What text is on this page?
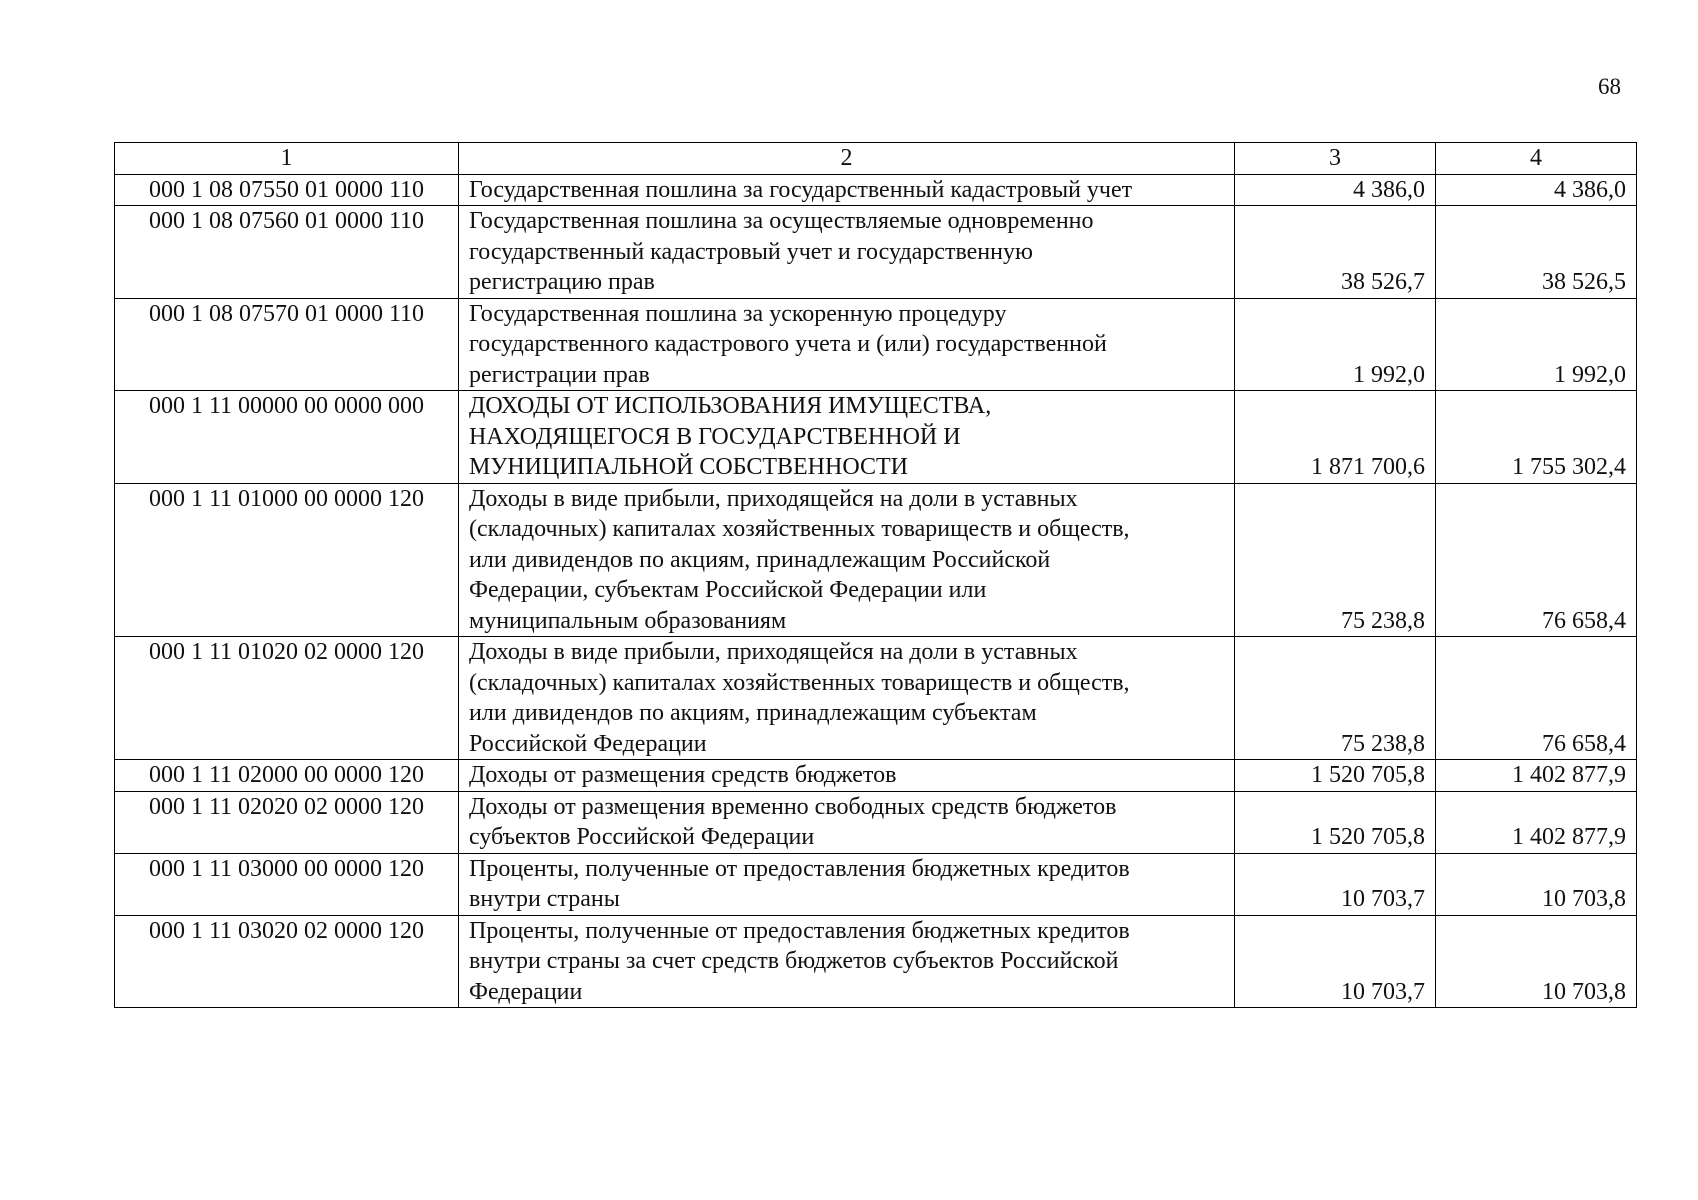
68
1	2	3	4
000 1 08 07550 01 0000 110	Государственная пошлина за государственный кадастровый учет	4 386,0	4 386,0
000 1 08 07560 01 0000 110	Государственная пошлина за осуществляемые одновременно
государственный кадастровый учет и государственную
регистрацию прав	38 526,7	38 526,5
000 1 08 07570 01 0000 110	Государственная пошлина за ускоренную процедуру
государственного кадастрового учета и (или) государственной
регистрации прав	1 992,0	1 992,0
000 1 11 00000 00 0000 000	ДОХОДЫ ОТ ИСПОЛЬЗОВАНИЯ ИМУЩЕСТВА,
НАХОДЯЩЕГОСЯ В ГОСУДАРСТВЕННОЙ И
МУНИЦИПАЛЬНОЙ СОБСТВЕННОСТИ	1 871 700,6	1 755 302,4
000 1 11 01000 00 0000 120	Доходы в виде прибыли, приходящейся на доли в уставных
(складочных) капиталах хозяйственных товариществ и обществ,
или дивидендов по акциям, принадлежащим Российской
Федерации, субъектам Российской Федерации или
муниципальным образованиям	75 238,8	76 658,4
000 1 11 01020 02 0000 120	Доходы в виде прибыли, приходящейся на доли в уставных
(складочных) капиталах хозяйственных товариществ и обществ,
или дивидендов по акциям, принадлежащим субъектам
Российской Федерации	75 238,8	76 658,4
000 1 11 02000 00 0000 120	Доходы от размещения средств бюджетов	1 520 705,8	1 402 877,9
000 1 11 02020 02 0000 120	Доходы от размещения временно свободных средств бюджетов
субъектов Российской Федерации	1 520 705,8	1 402 877,9
000 1 11 03000 00 0000 120	Проценты, полученные от предоставления бюджетных кредитов
внутри страны	10 703,7	10 703,8
000 1 11 03020 02 0000 120	Проценты, полученные от предоставления бюджетных кредитов
внутри страны за счет средств бюджетов субъектов Российской
Федерации	10 703,7	10 703,8
